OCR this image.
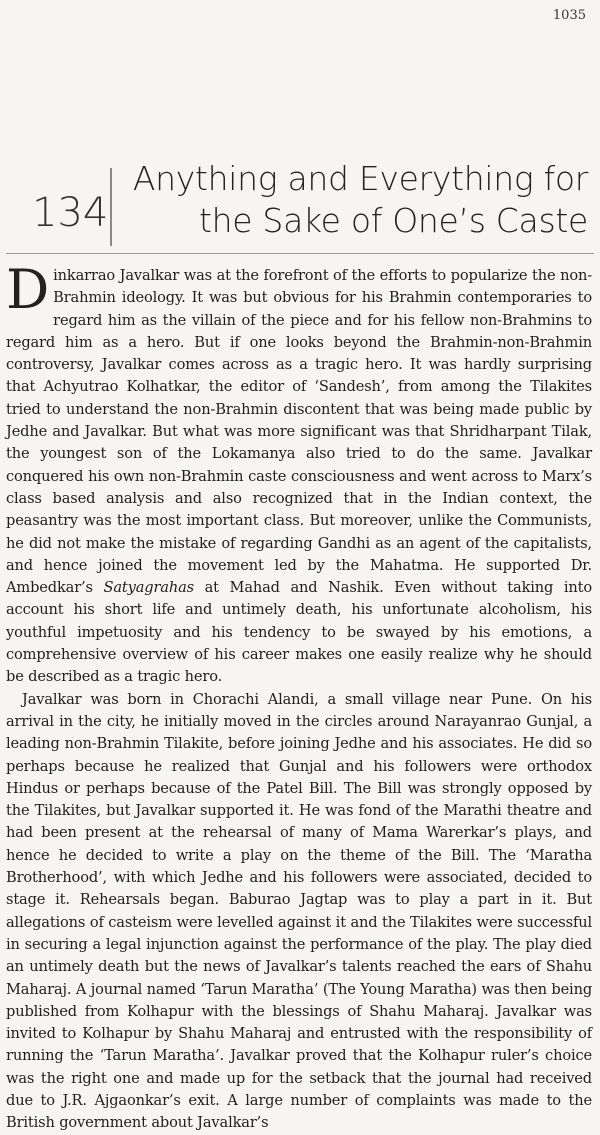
1035
134
Anything and Everything for
the Sake of One’s Caste

Dinkarrao Javalkar was at the forefront of the efforts to popularize the non-Brahmin ideology. It was but obvious for his Brahmin contemporaries to regard him as the villain of the piece and for his fellow non-Brahmins to regard him as a hero. But if one looks beyond the Brahmin-non-Brahmin controversy, Javalkar comes across as a tragic hero. It was hardly surprising that Achyutrao Kolhatkar, the editor of ‘Sandesh’, from among the Tilakites tried to understand the non-Brahmin discontent that was being made public by Jedhe and Javalkar. But what was more significant was that Shridharpant Tilak, the youngest son of the Lokamanya also tried to do the same. Javalkar conquered his own non-Brahmin caste consciousness and went across to Marx’s class based analysis and also recognized that in the Indian context, the peasantry was the most important class. But moreover, unlike the Communists, he did not make the mistake of regarding Gandhi as an agent of the capitalists, and hence joined the movement led by the Mahatma. He supported Dr. Ambedkar’s Satyagrahas at Mahad and Nashik. Even without taking into account his short life and untimely death, his unfortunate alcoholism, his youthful impetuosity and his tendency to be swayed by his emotions, a comprehensive overview of his career makes one easily realize why he should be described as a tragic hero.

Javalkar was born in Chorachi Alandi, a small village near Pune. On his arrival in the city, he initially moved in the circles around Narayanrao Gunjal, a leading non-Brahmin Tilakite, before joining Jedhe and his associates. He did so perhaps because he realized that Gunjal and his followers were orthodox Hindus or perhaps because of the Patel Bill. The Bill was strongly opposed by the Tilakites, but Javalkar supported it. He was fond of the Marathi theatre and had been present at the rehearsal of many of Mama Warerkar’s plays, and hence he decided to write a play on the theme of the Bill. The ‘Maratha Brotherhood’, with which Jedhe and his followers were associated, decided to stage it. Rehearsals began. Baburao Jagtap was to play a part in it. But allegations of casteism were levelled against it and the Tilakites were successful in securing a legal injunction against the performance of the play. The play died an untimely death but the news of Javalkar’s talents reached the ears of Shahu Maharaj. A journal named ‘Tarun Maratha’ (The Young Maratha) was then being published from Kolhapur with the blessings of Shahu Maharaj. Javalkar was invited to Kolhapur by Shahu Maharaj and entrusted with the responsibility of running the ‘Tarun Maratha’. Javalkar proved that the Kolhapur ruler’s choice was the right one and made up for the setback that the journal had received due to J.R. Ajgaonkar’s exit. A large number of complaints was made to the British government about Javalkar’s
